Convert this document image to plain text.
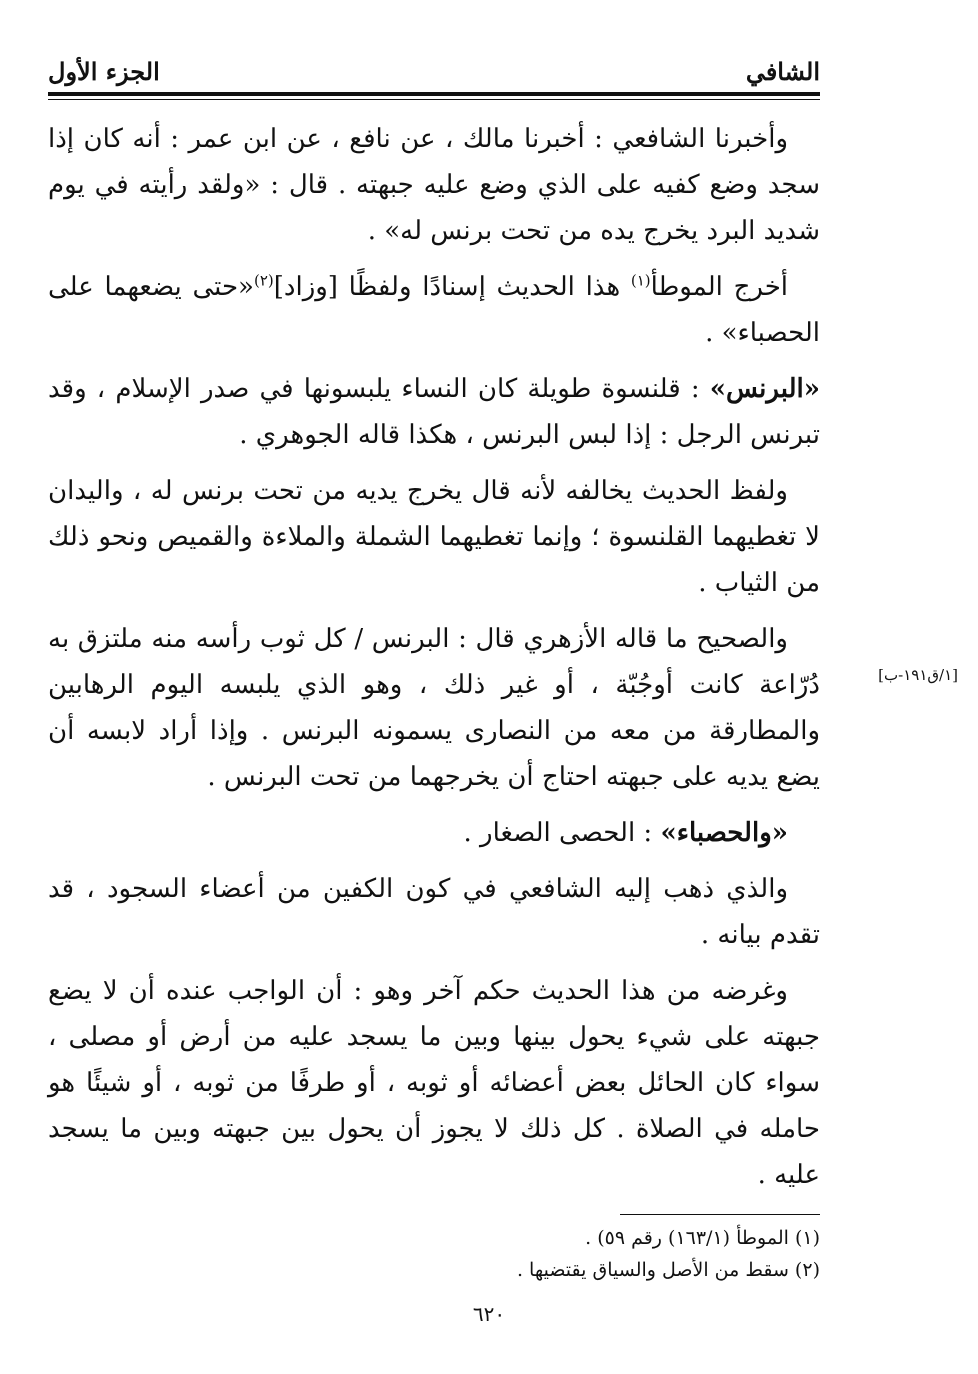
الشافي
الجزء الأول

وأخبرنا الشافعي : أخبرنا مالك ، عن نافع ، عن ابن عمر : أنه كان إذا سجد وضع كفيه على الذي وضع عليه جبهته . قال : «ولقد رأيته في يوم شديد البرد يخرج يده من تحت برنس له» .

أخرج الموطأ$^{(١)}$ هذا الحديث إسنادًا ولفظًا [وزاد]$^{(٢)}$«حتى يضعهما على الحصباء» .

«البرنس» : قلنسوة طويلة كان النساء يلبسونها في صدر الإسلام ، وقد تبرنس الرجل : إذا لبس البرنس ، هكذا قاله الجوهري .

ولفظ الحديث يخالفه لأنه قال يخرج يديه من تحت برنس له ، واليدان لا تغطيهما القلنسوة ؛ وإنما تغطيهما الشملة والملاءة والقميص ونحو ذلك من الثياب .

والصحيح ما قاله الأزهري قال : البرنس / كل ثوب رأسه منه ملتزق به دُرّاعة كانت أوجُبّة ، أو غير ذلك ، وهو الذي يلبسه اليوم الرهابين والمطارقة من معه من النصارى يسمونه البرنس . وإذا أراد لابسه أن يضع يديه على جبهته احتاج أن يخرجهما من تحت البرنس .

«والحصباء» : الحصى الصغار .

والذي ذهب إليه الشافعي في كون الكفين من أعضاء السجود ، قد تقدم بيانه .

وغرضه من هذا الحديث حكم آخر وهو : أن الواجب عنده أن لا يضع جبهته على شيء يحول بينها وبين ما يسجد عليه من أرض أو مصلى ، سواء كان الحائل بعض أعضائه أو ثوبه ، أو طرفًا من ثوبه ، أو شيئًا هو حامله في الصلاة . كل ذلك لا يجوز أن يحول بين جبهته وبين ما يسجد عليه .

[١/ق١٩١-ب]
(١) الموطأ (١٦٣/١) رقم ٥٩) .
(٢) سقط من الأصل والسياق يقتضيها .
٦٢٠
